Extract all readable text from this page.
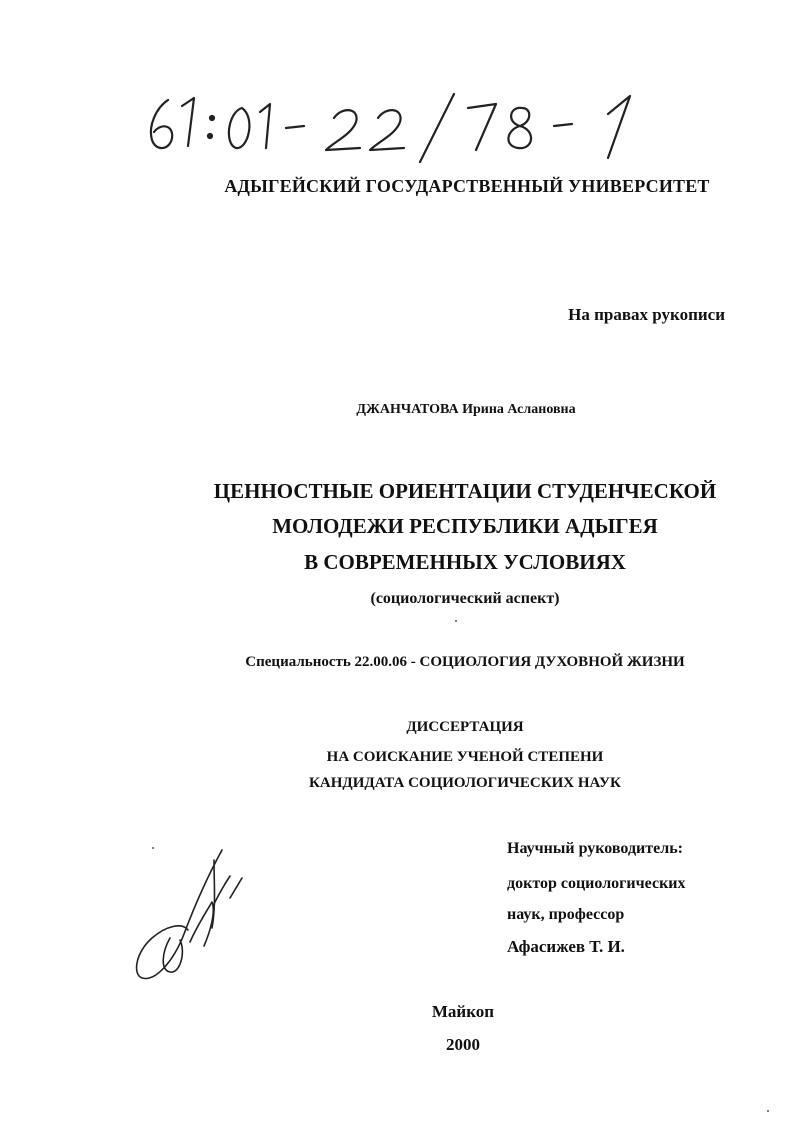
АДЫГЕЙСКИЙ ГОСУДАРСТВЕННЫЙ УНИВЕРСИТЕТ
На правах рукописи
ДЖАНЧАТОВА Ирина Аслановна
ЦЕННОСТНЫЕ ОРИЕНТАЦИИ СТУДЕНЧЕСКОЙ
МОЛОДЕЖИ РЕСПУБЛИКИ АДЫГЕЯ
В СОВРЕМЕННЫХ УСЛОВИЯХ
(социологический аспект)
Специальность 22.00.06 - СОЦИОЛОГИЯ ДУХОВНОЙ ЖИЗНИ
ДИССЕРТАЦИЯ
НА СОИСКАНИЕ УЧЕНОЙ СТЕПЕНИ
КАНДИДАТА СОЦИОЛОГИЧЕСКИХ НАУК
Научный руководитель:
доктор социологических
наук, профессор
Афасижев Т. И.
Майкоп
2000
